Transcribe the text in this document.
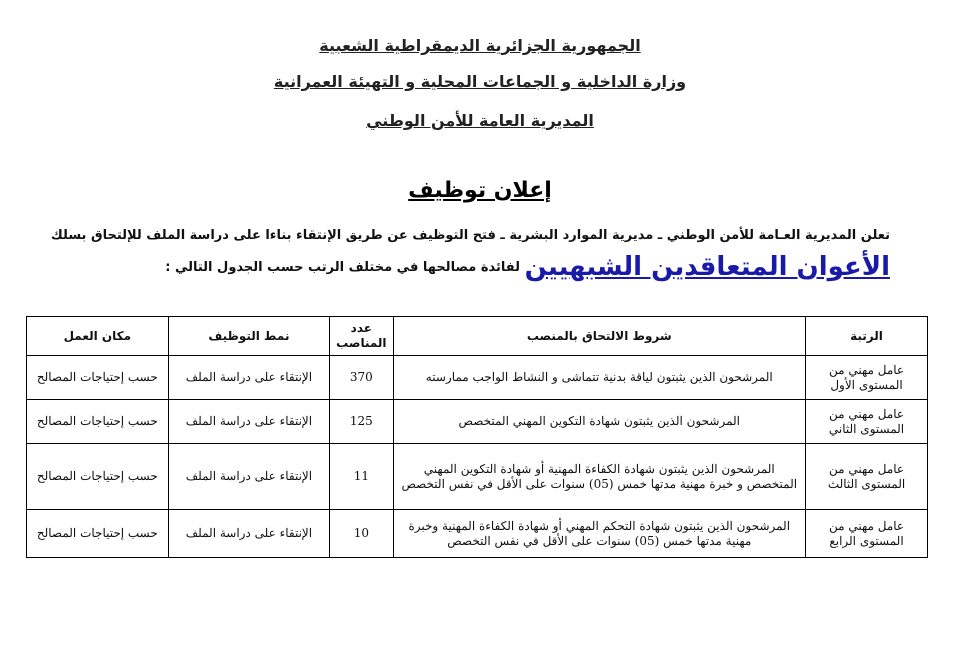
الجمهورية الجزائرية الديمقراطية الشعبية
وزارة الداخلية و الجماعات المحلية و التهيئة العمرانية
المديرية العامة للأمن الوطني
إعلان توظيف
تعلن المديرية العـامة للأمن الوطني ـ مديرية الموارد البشرية ـ فتح التوظيف عن طريق الإنتقاء بناءا على دراسة الملف للإلتحاق بسلك
الأعوان المتعاقدين الشبهيين لفائدة مصالحها في مختلف الرتب حسب الجدول التالي :
الرتبة	شروط الالتحاق بالمنصب	عدد المناصب	نمط التوظيف	مكان العمل
عامل مهني من المستوى الأول	المرشحون الذين يثبتون لياقة بدنية تتماشى و النشاط الواجب ممارسته	370	الإنتقاء على دراسة الملف	حسب إحتياجات المصالح
عامل مهني من المستوى الثاني	المرشحون الذين يثبتون شهادة التكوين المهني المتخصص	125	الإنتقاء على دراسة الملف	حسب إحتياجات المصالح
عامل مهني من المستوى الثالث	المرشحون الذين يثبتون شهادة الكفاءة المهنية أو شهادة التكوين المهني المتخصص و خبرة مهنية مدتها خمس (05) سنوات على الأقل في نفس التخصص	11	الإنتقاء على دراسة الملف	حسب إحتياجات المصالح
عامل مهني من المستوى الرابع	المرشحون الذين يثبتون شهادة التحكم المهني أو شهادة الكفاءة المهنية وخبرة مهنية مدتها خمس (05) سنوات على الأقل في نفس التخصص	10	الإنتقاء على دراسة الملف	حسب إحتياجات المصالح
